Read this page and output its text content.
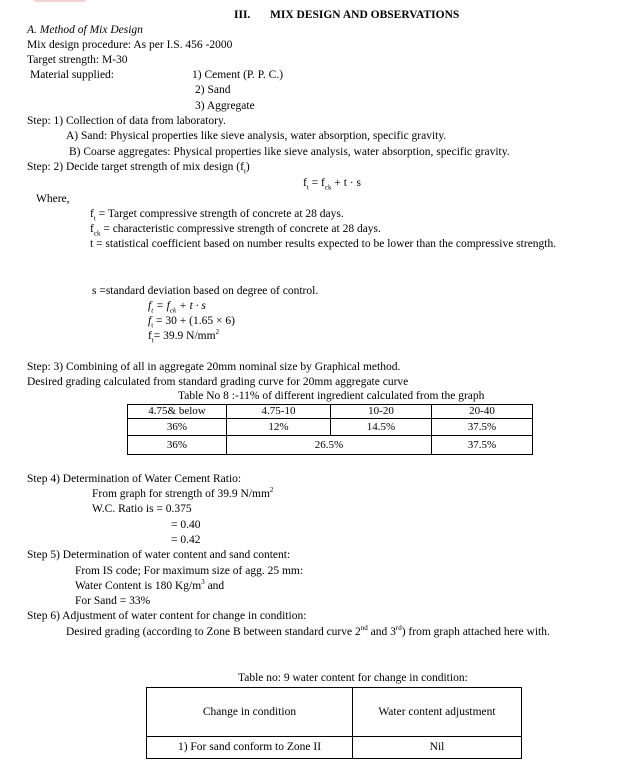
III. MIX DESIGN AND OBSERVATIONS
A. Method of Mix Design
Mix design procedure: As per I.S. 456 -2000
Target strength: M-30
Material supplied:	1) Cement (P. P. C.)
2) Sand
3) Aggregate
Step: 1) Collection of data from laboratory.
A) Sand: Physical properties like sieve analysis, water absorption, specific gravity.
B) Coarse aggregates: Physical properties like sieve analysis, water absorption, specific gravity.
Step: 2) Decide target strength of mix design $(f_t)$
$f_t = f_{ck} + t \cdot s$
Where,
$f_t$ = Target compressive strength of concrete at 28 days.
$f_{ck}$ = characteristic compressive strength of concrete at 28 days.
t = statistical coefficient based on number results expected to be lower than the compressive strength.
s =standard deviation based on degree of control.
$f_t = f_{ck} + t \cdot s$
$f_t = 30 + (1.65 \times 6)$
$f_t= 39.9$ $N/mm^2$
Step: 3) Combining of all in aggregate 20mm nominal size by Graphical method.
Desired grading calculated from standard grading curve for 20mm aggregate curve
Table No 8 :-11% of different ingredient calculated from the graph
4.75& below	4.75-10	10-20	20-40
36%	12%	14.5%	37.5%
36%	26.5%		37.5%
Step 4) Determination of Water Cement Ratio:
From graph for strength of 39.9 $N/mm^2$
W.C. Ratio is = 0.375
= 0.40
= 0.42
Step 5) Determination of water content and sand content:
From IS code; For maximum size of agg. 25 mm:
Water Content is 180 $Kg/m^3$ and
For Sand = 33%
Step 6) Adjustment of water content for change in condition:
Desired grading (according to Zone B between standard curve 2nd and 3rd) from graph attached here with.
Table no: 9 water content for change in condition:
Change in condition	Water content adjustment
1) For sand conform to Zone II	Nil
